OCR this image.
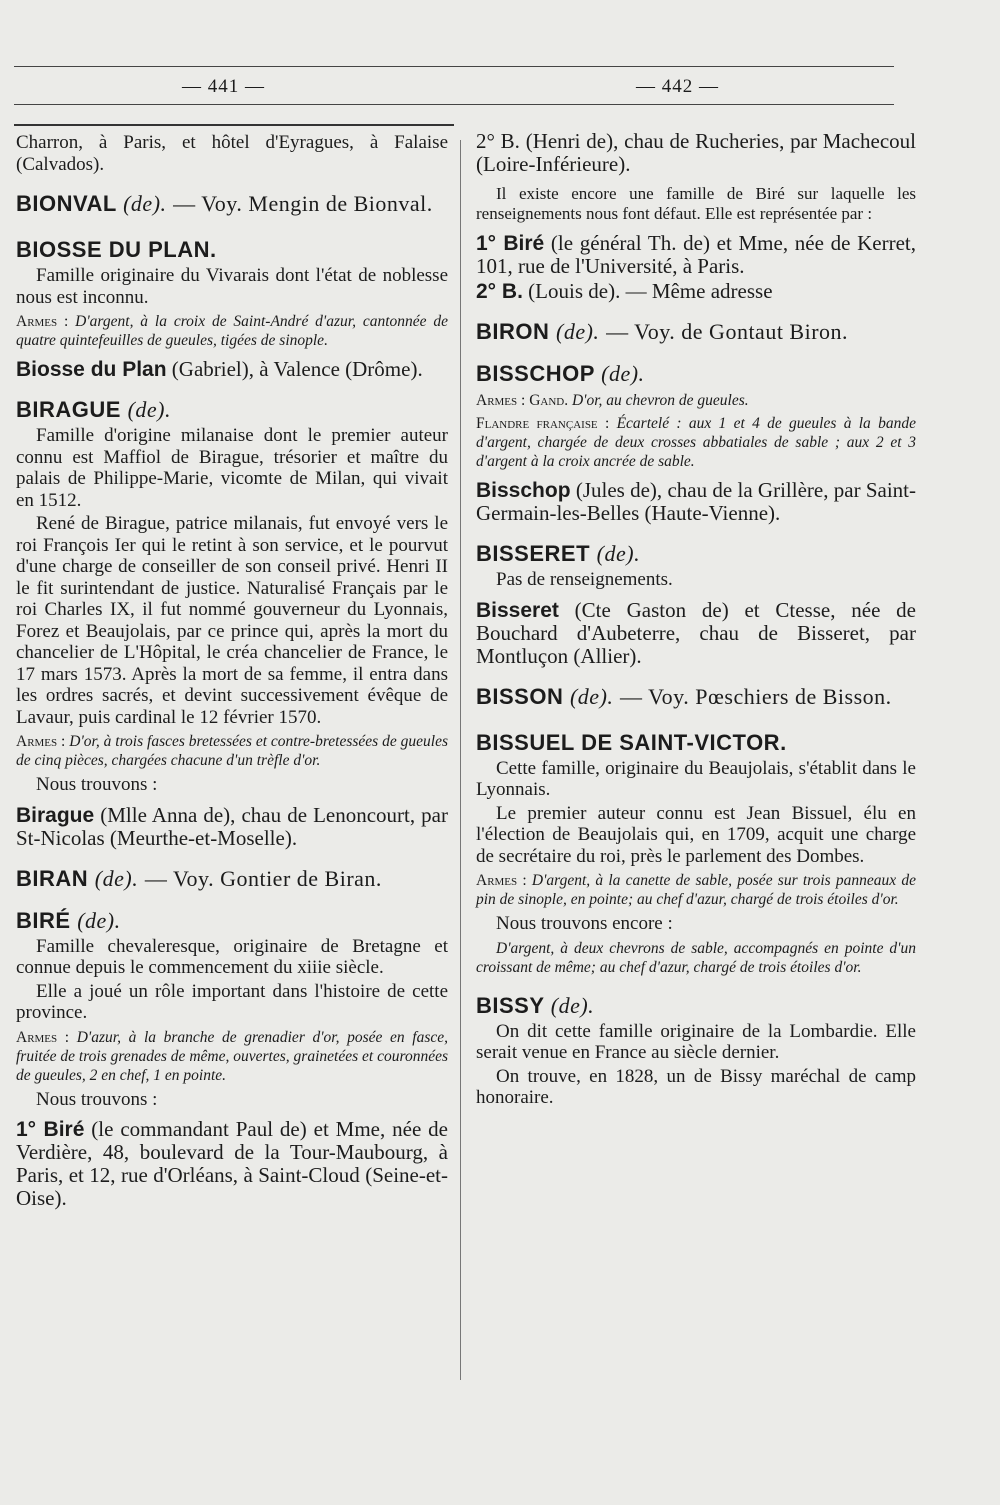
— 441 —	— 442 —
Charron, à Paris, et hôtel d'Eyragues, à Falaise (Calvados).
BIONVAL (de). — Voy. Mengin de Bionval.
BIOSSE DU PLAN.
Famille originaire du Vivarais dont l'état de noblesse nous est inconnu.
Armes : D'argent, à la croix de Saint-André d'azur, cantonnée de quatre quintefeuilles de gueules, tigées de sinople.
Biosse du Plan (Gabriel), à Valence (Drôme).
BIRAGUE (de).
Famille d'origine milanaise dont le premier auteur connu est Maffiol de Birague, trésorier et maître du palais de Philippe-Marie, vicomte de Milan, qui vivait en 1512.
René de Birague, patrice milanais, fut envoyé vers le roi François Ier qui le retint à son service, et le pourvut d'une charge de conseiller de son conseil privé. Henri II le fit surintendant de justice. Naturalisé Français par le roi Charles IX, il fut nommé gouverneur du Lyonnais, Forez et Beaujolais, par ce prince qui, après la mort du chancelier de L'Hôpital, le créa chancelier de France, le 17 mars 1573. Après la mort de sa femme, il entra dans les ordres sacrés, et devint successivement évêque de Lavaur, puis cardinal le 12 février 1570.
Armes : D'or, à trois fasces bretessées et contre-bretessées de gueules de cinq pièces, chargées chacune d'un trèfle d'or.
Nous trouvons :
Birague (Mlle Anna de), chau de Lenoncourt, par St-Nicolas (Meurthe-et-Moselle).
BIRAN (de). — Voy. Gontier de Biran.
BIRÉ (de).
Famille chevaleresque, originaire de Bretagne et connue depuis le commencement du xiiie siècle.
Elle a joué un rôle important dans l'histoire de cette province.
Armes : D'azur, à la branche de grenadier d'or, posée en fasce, fruitée de trois grenades de même, ouvertes, grainetées et couronnées de gueules, 2 en chef, 1 en pointe.
Nous trouvons :
1° Biré (le commandant Paul de) et Mme, née de Verdière, 48, boulevard de la Tour-Maubourg, à Paris, et 12, rue d'Orléans, à Saint-Cloud (Seine-et-Oise).
2° B. (Henri de), chau de Rucheries, par Machecoul (Loire-Inférieure).
Il existe encore une famille de Biré sur laquelle les renseignements nous font défaut. Elle est représentée par :
1° Biré (le général Th. de) et Mme, née de Kerret, 101, rue de l'Université, à Paris.
2° B. (Louis de). — Même adresse
BIRON (de). — Voy. de Gontaut Biron.
BISSCHOP (de).
Armes : Gand. D'or, au chevron de gueules.
Flandre française : Écartelé : aux 1 et 4 de gueules à la bande d'argent, chargée de deux crosses abbatiales de sable ; aux 2 et 3 d'argent à la croix ancrée de sable.
Bisschop (Jules de), chau de la Grillère, par Saint-Germain-les-Belles (Haute-Vienne).
BISSERET (de).
Pas de renseignements.
Bisseret (Cte Gaston de) et Ctesse, née de Bouchard d'Aubeterre, chau de Bisseret, par Montluçon (Allier).
BISSON (de). — Voy. Pœschiers de Bisson.
BISSUEL DE SAINT-VICTOR.
Cette famille, originaire du Beaujolais, s'établit dans le Lyonnais.
Le premier auteur connu est Jean Bissuel, élu en l'élection de Beaujolais qui, en 1709, acquit une charge de secrétaire du roi, près le parlement des Dombes.
Armes : D'argent, à la canette de sable, posée sur trois panneaux de pin de sinople, en pointe; au chef d'azur, chargé de trois étoiles d'or.
Nous trouvons encore :
D'argent, à deux chevrons de sable, accompagnés en pointe d'un croissant de même; au chef d'azur, chargé de trois étoiles d'or.
BISSY (de).
On dit cette famille originaire de la Lombardie. Elle serait venue en France au siècle dernier.
On trouve, en 1828, un de Bissy maréchal de camp honoraire.
